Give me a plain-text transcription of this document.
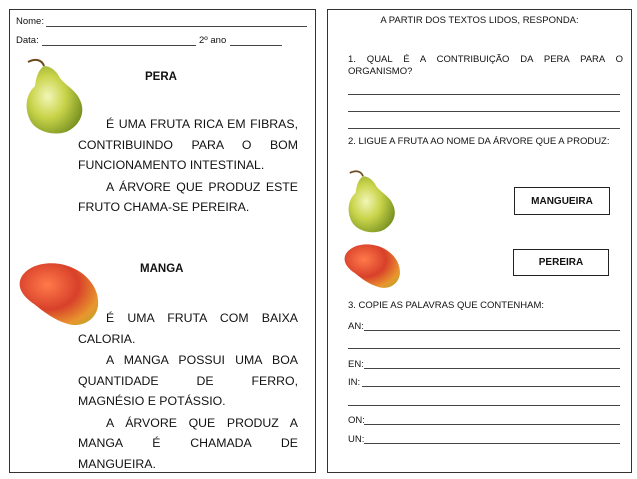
Nome:
Data:	2º ano
PERA
É UMA FRUTA RICA EM FIBRAS, CONTRIBUINDO PARA O BOM FUNCIONAMENTO INTESTINAL.
A ÁRVORE QUE PRODUZ ESTE FRUTO CHAMA-SE PEREIRA.
MANGA
É UMA FRUTA COM BAIXA CALORIA.
A MANGA POSSUI UMA BOA QUANTIDADE DE FERRO, MAGNÉSIO E POTÁSSIO.
A ÁRVORE QUE PRODUZ A MANGA É CHAMADA DE MANGUEIRA.
A PARTIR DOS TEXTOS LIDOS, RESPONDA:
1. QUAL É A CONTRIBUIÇÃO DA PERA PARA O ORGANISMO?
2. LIGUE A FRUTA AO NOME DA ÁRVORE QUE A PRODUZ:
MANGUEIRA
PEREIRA
3. COPIE AS PALAVRAS QUE CONTENHAM:
AN:
EN:
IN:
ON:
UN:
